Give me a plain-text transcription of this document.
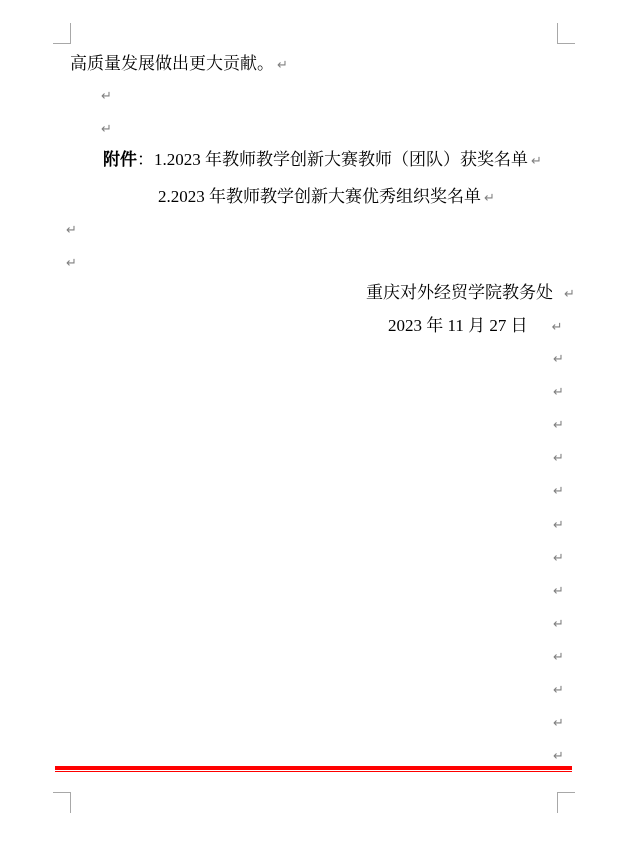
高质量发展做出更大贡献。 ↵
↵
↵
附件：1.2023 年教师教学创新大赛教师（团队）获奖名单 ↵
2.2023 年教师教学创新大赛优秀组织奖名单 ↵
↵
↵
重庆对外经贸学院教务处 ↵
2023 年 11 月 27 日 ↵
↵
↵
↵
↵
↵
↵
↵
↵
↵
↵
↵
↵
↵
